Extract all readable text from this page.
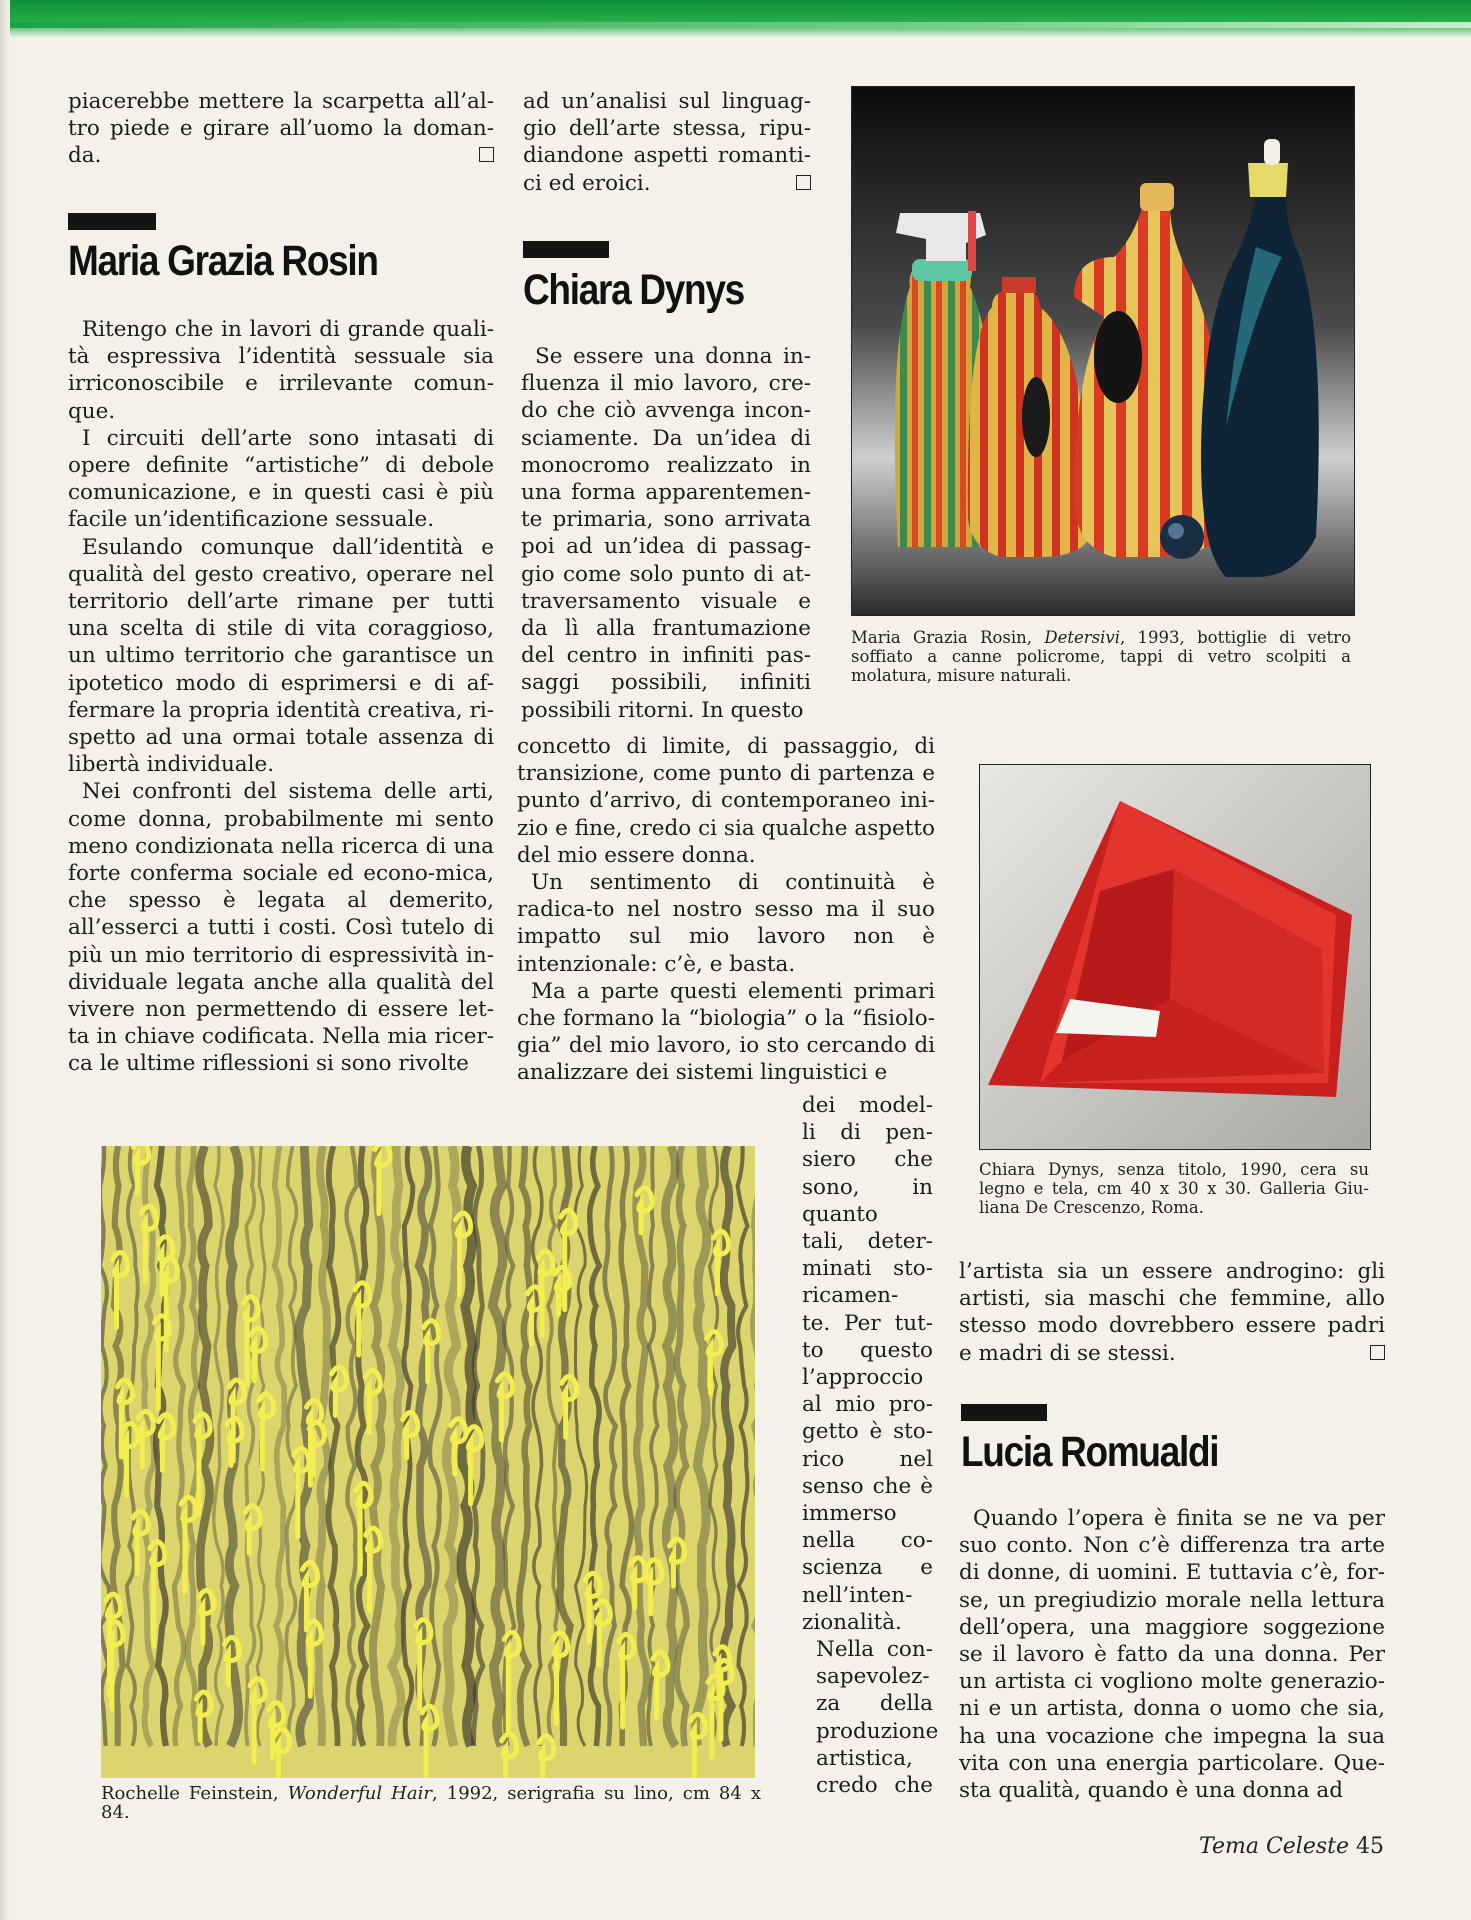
piacerebbe mettere la scarpetta all’al-tro piede e girare all’uomo la doman-da.

Maria Grazia Rosin

Ritengo che in lavori di grande quali-tà espressiva l’identità sessuale sia irriconoscibile e irrilevante comun-que.

I circuiti dell’arte sono intasati di opere definite “artistiche” di debole comunicazione, e in questi casi è più facile un’identificazione sessuale.

Esulando comunque dall’identità e qualità del gesto creativo, operare nel territorio dell’arte rimane per tutti una scelta di stile di vita coraggioso, un ultimo territorio che garantisce un ipotetico modo di esprimersi e di af-fermare la propria identità creativa, ri-spetto ad una ormai totale assenza di libertà individuale.

Nei confronti del sistema delle arti, come donna, probabilmente mi sento meno condizionata nella ricerca di una forte conferma sociale ed econo-mica, che spesso è legata al demerito, all’esserci a tutti i costi. Così tutelo di più un mio territorio di espressività in-dividuale legata anche alla qualità del vivere non permettendo di essere let-ta in chiave codificata. Nella mia ricer-ca le ultime riflessioni si sono rivolte

ad un’analisi sul linguag-gio dell’arte stessa, ripu-diandone aspetti romanti-ci ed eroici.

Chiara Dynys

Se essere una donna in-fluenza il mio lavoro, cre-do che ciò avvenga incon-sciamente. Da un’idea di monocromo realizzato in una forma apparentemen-te primaria, sono arrivata poi ad un’idea di passag-gio come solo punto di at-traversamento visuale e da lì alla frantumazione del centro in infiniti pas-saggi possibili, infiniti possibili ritorni. In questo

concetto di limite, di passaggio, di transizione, come punto di partenza e punto d’arrivo, di contemporaneo ini-zio e fine, credo ci sia qualche aspetto del mio essere donna.

Un sentimento di continuità è radica-to nel nostro sesso ma il suo impatto sul mio lavoro non è intenzionale: c’è, e basta.

Ma a parte questi elementi primari che formano la “biologia” o la “fisiolo-gia” del mio lavoro, io sto cercando di analizzare dei sistemi linguistici e

dei model-
li di pen-
siero che
sono, in
quanto
tali, deter-
minati sto-
ricamen-
te. Per tut-
to questo
l’approccio
al mio pro-
getto è sto-
rico nel
senso che è
immerso
nella co-
scienza e
nell’inten-
zionalità.
Nella con-
sapevolez-
za della
produzione
artistica,
credo che
Maria Grazia Rosin, Detersivi, 1993, bottiglie di vetro soffiato a canne policrome, tappi di vetro scolpiti a molatura, misure naturali.
Chiara Dynys, senza titolo, 1990, cera su legno e tela, cm 40 x 30 x 30. Galleria Giu-liana De Crescenzo, Roma.

l’artista sia un essere androgino: gli artisti, sia maschi che femmine, allo stesso modo dovrebbero essere padri e madri di se stessi.

Lucia Romualdi

Quando l’opera è finita se ne va per suo conto. Non c’è differenza tra arte di donne, di uomini. E tuttavia c’è, for-se, un pregiudizio morale nella lettura dell’opera, una maggiore soggezione se il lavoro è fatto da una donna. Per un artista ci vogliono molte generazio-ni e un artista, donna o uomo che sia, ha una vocazione che impegna la sua vita con una energia particolare. Que-sta qualità, quando è una donna ad

Rochelle Feinstein, Wonderful Hair, 1992, serigrafia su lino, cm 84 x 84.
Tema Celeste 45
